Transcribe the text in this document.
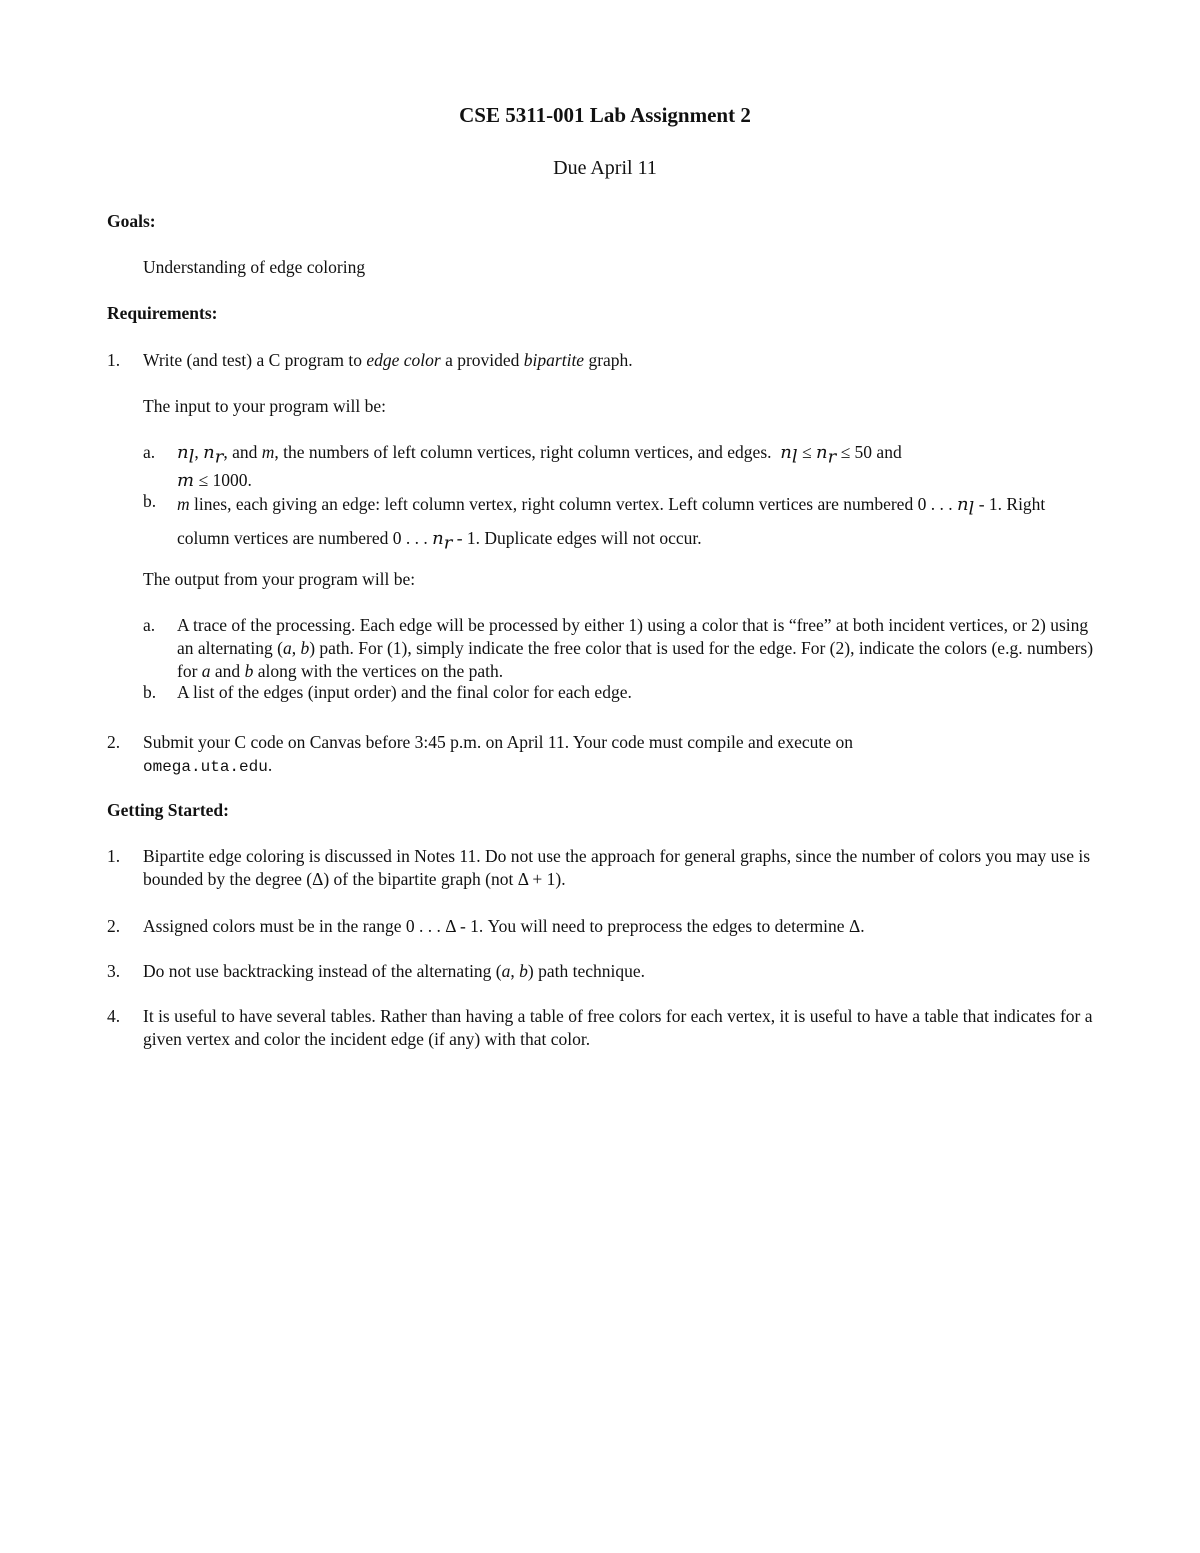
CSE 5311-001 Lab Assignment 2
Due April 11
Goals:
Understanding of edge coloring
Requirements:
1. Write (and test) a C program to edge color a provided bipartite graph.
The input to your program will be:
a. $n_l$, $n_r$, and m, the numbers of left column vertices, right column vertices, and edges. $n_l \le n_r \le 50$ and
m ≤ 1000.
b. m lines, each giving an edge: left column vertex, right column vertex. Left column vertices are numbered 0 . . . $n_l - 1$. Right column vertices are numbered 0 . . . $n_r - 1$. Duplicate edges will not occur.
The output from your program will be:
a. A trace of the processing. Each edge will be processed by either 1) using a color that is “free” at both incident vertices, or 2) using an alternating (a, b) path. For (1), simply indicate the free color that is used for the edge. For (2), indicate the colors (e.g. numbers) for a and b along with the vertices on the path.
b. A list of the edges (input order) and the final color for each edge.
2. Submit your C code on Canvas before 3:45 p.m. on April 11. Your code must compile and execute on
omega.uta.edu.
Getting Started:
1. Bipartite edge coloring is discussed in Notes 11. Do not use the approach for general graphs, since the number of colors you may use is bounded by the degree (Δ) of the bipartite graph (not Δ + 1).
2. Assigned colors must be in the range 0 . . . Δ - 1. You will need to preprocess the edges to determine Δ.
3. Do not use backtracking instead of the alternating (a, b) path technique.
4. It is useful to have several tables. Rather than having a table of free colors for each vertex, it is useful to have a table that indicates for a given vertex and color the incident edge (if any) with that color.
